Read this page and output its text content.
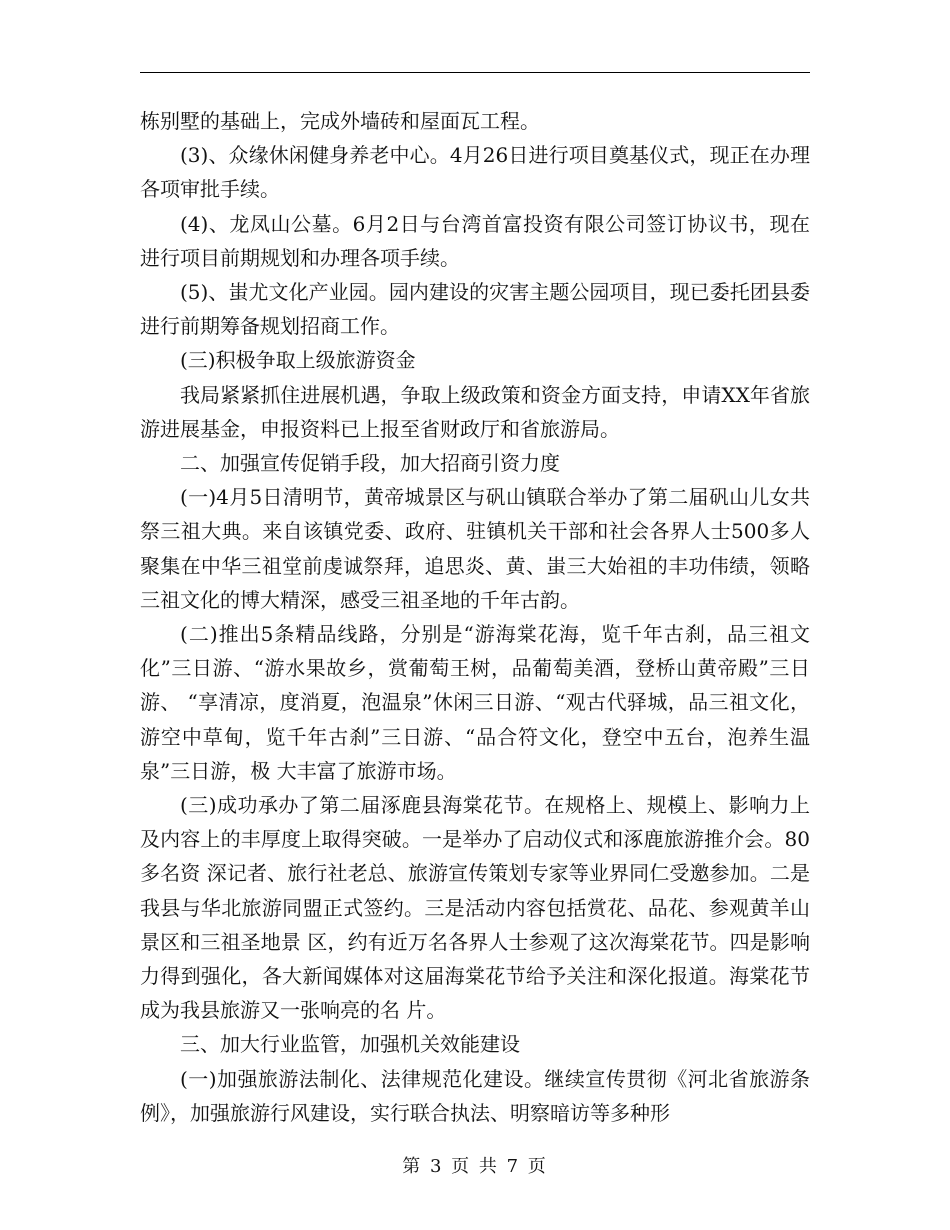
栋别墅的基础上，完成外墙砖和屋面瓦工程。

(3)、众缘休闲健身养老中心。4月26日进行项目奠基仪式，现正在办理各项审批手续。

(4)、龙凤山公墓。6月2日与台湾首富投资有限公司签订协议书，现在进行项目前期规划和办理各项手续。

(5)、蚩尤文化产业园。园内建设的灾害主题公园项目，现已委托团县委进行前期筹备规划招商工作。

(三)积极争取上级旅游资金

我局紧紧抓住进展机遇，争取上级政策和资金方面支持，申请XX年省旅游进展基金，申报资料已上报至省财政厅和省旅游局。

二、加强宣传促销手段，加大招商引资力度

(一)4月5日清明节，黄帝城景区与矾山镇联合举办了第二届矾山儿女共祭三祖大典。来自该镇党委、政府、驻镇机关干部和社会各界人士500多人聚集在中华三祖堂前虔诚祭拜，追思炎、黄、蚩三大始祖的丰功伟绩，领略三祖文化的博大精深，感受三祖圣地的千年古韵。

(二)推出5条精品线路，分别是“游海棠花海，览千年古刹，品三祖文化”三日游、“游水果故乡，赏葡萄王树，品葡萄美酒，登桥山黄帝殿”三日游、 “享清凉，度消夏，泡温泉”休闲三日游、“观古代驿城，品三祖文化，游空中草甸，览千年古刹”三日游、“品合符文化，登空中五台，泡养生温泉”三日游，极 大丰富了旅游市场。

(三)成功承办了第二届涿鹿县海棠花节。在规格上、规模上、影响力上及内容上的丰厚度上取得突破。一是举办了启动仪式和涿鹿旅游推介会。80多名资 深记者、旅行社老总、旅游宣传策划专家等业界同仁受邀参加。二是我县与华北旅游同盟正式签约。三是活动内容包括赏花、品花、参观黄羊山景区和三祖圣地景 区，约有近万名各界人士参观了这次海棠花节。四是影响力得到强化，各大新闻媒体对这届海棠花节给予关注和深化报道。海棠花节成为我县旅游又一张响亮的名 片。

三、加大行业监管，加强机关效能建设

(一)加强旅游法制化、法律规范化建设。继续宣传贯彻《河北省旅游条例》，加强旅游行风建设，实行联合执法、明察暗访等多种形

第 3 页 共 7 页
